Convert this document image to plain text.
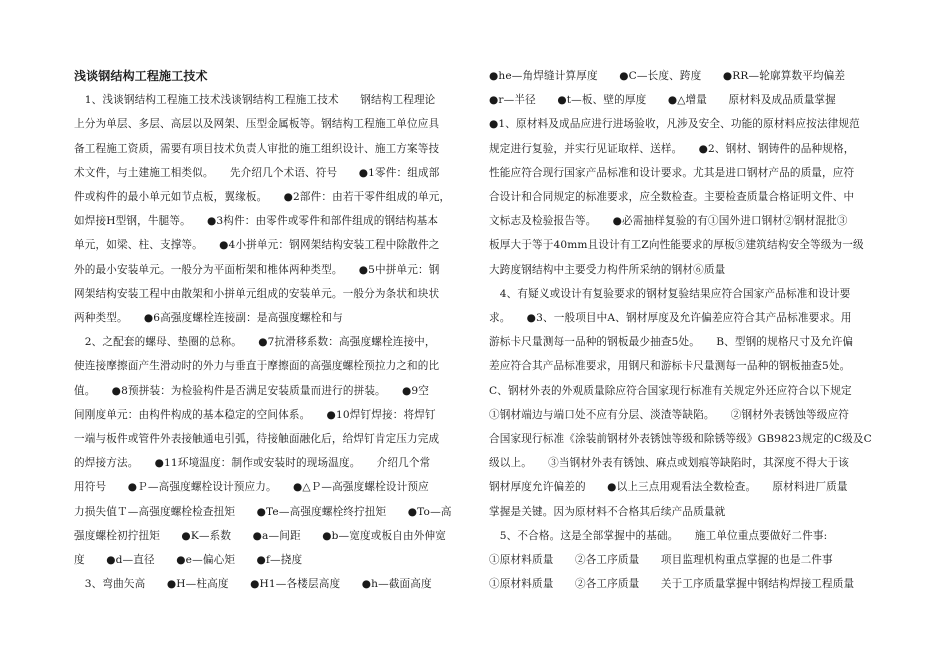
浅谈钢结构工程施工技术
　1、浅谈钢结构工程施工技术浅谈钢结构工程施工技术　　钢结构工程理论
上分为单层、多层、高层以及网架、压型金属板等。钢结构工程施工单位应具
备工程施工资质，需要有项目技术负责人审批的施工组织设计、施工方案等技
术文件，与土建施工相类似。　　先介绍几个术语、符号　　●1零件：组成部
件或构件的最小单元如节点板，翼缘板。　　●2部件：由若干零件组成的单元，
如焊接H型钢，牛腿等。　　●3构件：由零件或零件和部件组成的钢结构基本
单元，如梁、柱、支撑等。　　●4小拼单元：钢网架结构安装工程中除散件之
外的最小安装单元。一般分为平面桁架和椎体两种类型。　　●5中拼单元：钢
网架结构安装工程中由散架和小拼单元组成的安装单元。一般分为条状和块状
两种类型。　　●6高强度螺栓连接副：是高强度螺栓和与
　2、之配套的螺母、垫圈的总称。　　●7抗滑移系数：高强度螺栓连接中，
使连接摩擦面产生滑动时的外力与垂直于摩擦面的高强度螺栓预拉力之和的比
值。　　●8预拼装：为检验构件是否满足安装质量而进行的拼装。　　●9空
间刚度单元：由构件构成的基本稳定的空间体系。　　●10焊钉焊接：将焊钉
一端与板件或管件外表接触通电引弧，待接触面融化后，给焊钉肯定压力完成
的焊接方法。　　●11环境温度：制作或安装时的现场温度。　　介绍几个常
用符号　　●Ｐ—高强度螺栓设计预应力。　　●△Ｐ—高强度螺栓设计预应
力损失值Ｔ—高强度螺栓检查扭矩　　●Te—高强度螺栓终拧扭矩　　●To—高
强度螺栓初拧扭矩　　●K—系数　　●a—间距　　●b—宽度或板自由外伸宽
度　　●d—直径　　●e—偏心矩　　●f—挠度
　3、弯曲矢高　　●H—柱高度　　●H1—各楼层高度　　●h—截面高度
●he—角焊缝计算厚度　　●C—长度、跨度　　●RR—轮廓算数平均偏差
●r—半径　　●t—板、壁的厚度　　●△增量　　原材料及成品质量掌握
●1、原材料及成品应进行进场验收，凡涉及安全、功能的原材料应按法律规范
规定进行复验，并实行见证取样、送样。　　●2、钢材、钢铸件的品种规格，
性能应符合现行国家产品标准和设计要求。尤其是进口钢材产品的质量，应符
合设计和合同规定的标准要求，应全数检查。主要检查质量合格证明文件、中
文标志及检验报告等。　　●必需抽样复验的有①国外进口钢材②钢材混批③
板厚大于等于40mm且设计有工Z向性能要求的厚板⑤建筑结构安全等级为一级
大跨度钢结构中主要受力构件所采纳的钢材⑥质量
　4、有疑义或设计有复验要求的钢材复验结果应符合国家产品标准和设计要
求。　　●3、一般项目中A、钢材厚度及允许偏差应符合其产品标准要求。用
游标卡尺量测每一品种的钢板最少抽查5处。　　B、型钢的规格尺寸及允许偏
差应符合其产品标准要求，用钢尺和游标卡尺量测每一品种的钢板抽查5处。
C、钢材外表的外观质量除应符合国家现行标准有关规定外还应符合以下规定
①钢材端边与端口处不应有分层、淡渣等缺陷。　　②钢材外表锈蚀等级应符
合国家现行标准《涂装前钢材外表锈蚀等级和除锈等级》GB9823规定的C级及C
级以上。　　③当钢材外表有锈蚀、麻点或划痕等缺陷时，其深度不得大于该
钢材厚度允许偏差的　　●以上三点用观看法全数检查。　　原材料进厂质量
掌握是关键。因为原材料不合格其后续产品质量就
　5、不合格。这是全部掌握中的基础。　　施工单位重点要做好二件事:
①原材料质量　　②各工序质量　　项目监理机构重点掌握的也是二件事
①原材料质量　　②各工序质量　　关于工序质量掌握中钢结构焊接工程质量
